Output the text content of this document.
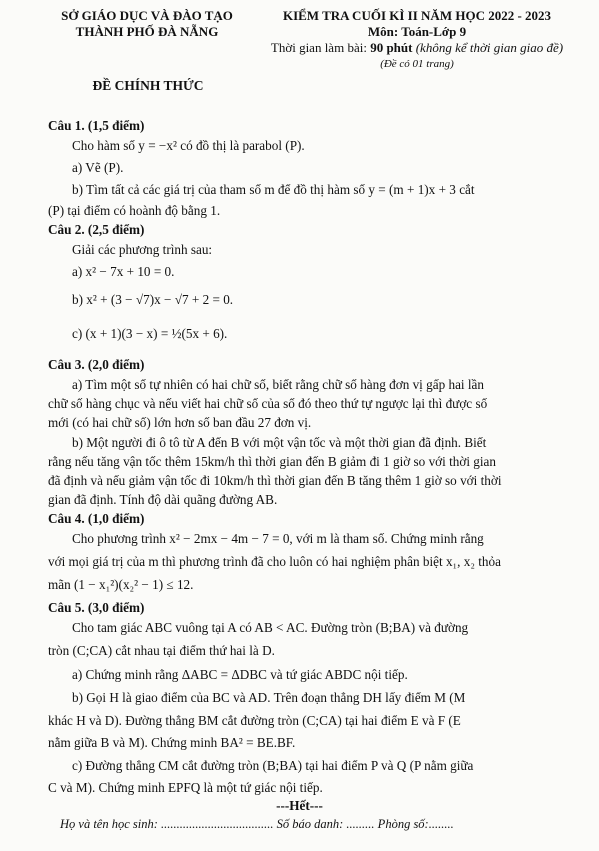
SỞ GIÁO DỤC VÀ ĐÀO TẠO
THÀNH PHỐ ĐÀ NẴNG
ĐỀ CHÍNH THỨC
KIỂM TRA CUỐI KÌ II NĂM HỌC 2022 - 2023
Môn: Toán-Lớp 9
Thời gian làm bài: 90 phút (không kể thời gian giao đề)
(Đề có 01 trang)
Câu 1. (1,5 điểm)
Cho hàm số y = −x² có đồ thị là parabol (P).
a) Vẽ (P).
b) Tìm tất cả các giá trị của tham số m để đồ thị hàm số y = (m + 1)x + 3 cắt
(P) tại điểm có hoành độ bằng 1.
Câu 2. (2,5 điểm)
Giải các phương trình sau:
a) x² − 7x + 10 = 0.
b) x² + (3 − √7)x − √7 + 2 = 0.
c) (x + 1)(3 − x) = ½(5x + 6).
Câu 3. (2,0 điểm)
a) Tìm một số tự nhiên có hai chữ số, biết rằng chữ số hàng đơn vị gấp hai lần
chữ số hàng chục và nếu viết hai chữ số của số đó theo thứ tự ngược lại thì được số
mới (có hai chữ số) lớn hơn số ban đầu 27 đơn vị.
b) Một người đi ô tô từ A đến B với một vận tốc và một thời gian đã định. Biết
rằng nếu tăng vận tốc thêm 15km/h thì thời gian đến B giảm đi 1 giờ so với thời gian
đã định và nếu giảm vận tốc đi 10km/h thì thời gian đến B tăng thêm 1 giờ so với thời
gian đã định. Tính độ dài quãng đường AB.
Câu 4. (1,0 điểm)
Cho phương trình x² − 2mx − 4m − 7 = 0, với m là tham số. Chứng minh rằng
với mọi giá trị của m thì phương trình đã cho luôn có hai nghiệm phân biệt x₁, x₂ thỏa
mãn (1 − x₁²)(x₂² − 1) ≤ 12.
Câu 5. (3,0 điểm)
Cho tam giác ABC vuông tại A có AB < AC. Đường tròn (B;BA) và đường
tròn (C;CA) cắt nhau tại điểm thứ hai là D.
a) Chứng minh rằng ΔABC = ΔDBC và tứ giác ABDC nội tiếp.
b) Gọi H là giao điểm của BC và AD. Trên đoạn thẳng DH lấy điểm M (M
khác H và D). Đường thẳng BM cắt đường tròn (C;CA) tại hai điểm E và F (E
nằm giữa B và M). Chứng minh BA² = BE.BF.
c) Đường thẳng CM cắt đường tròn (B;BA) tại hai điểm P và Q (P nằm giữa
C và M). Chứng minh EPFQ là một tứ giác nội tiếp.
---Hết---
Họ và tên học sinh: .................................... Số báo danh: ......... Phòng số:........
